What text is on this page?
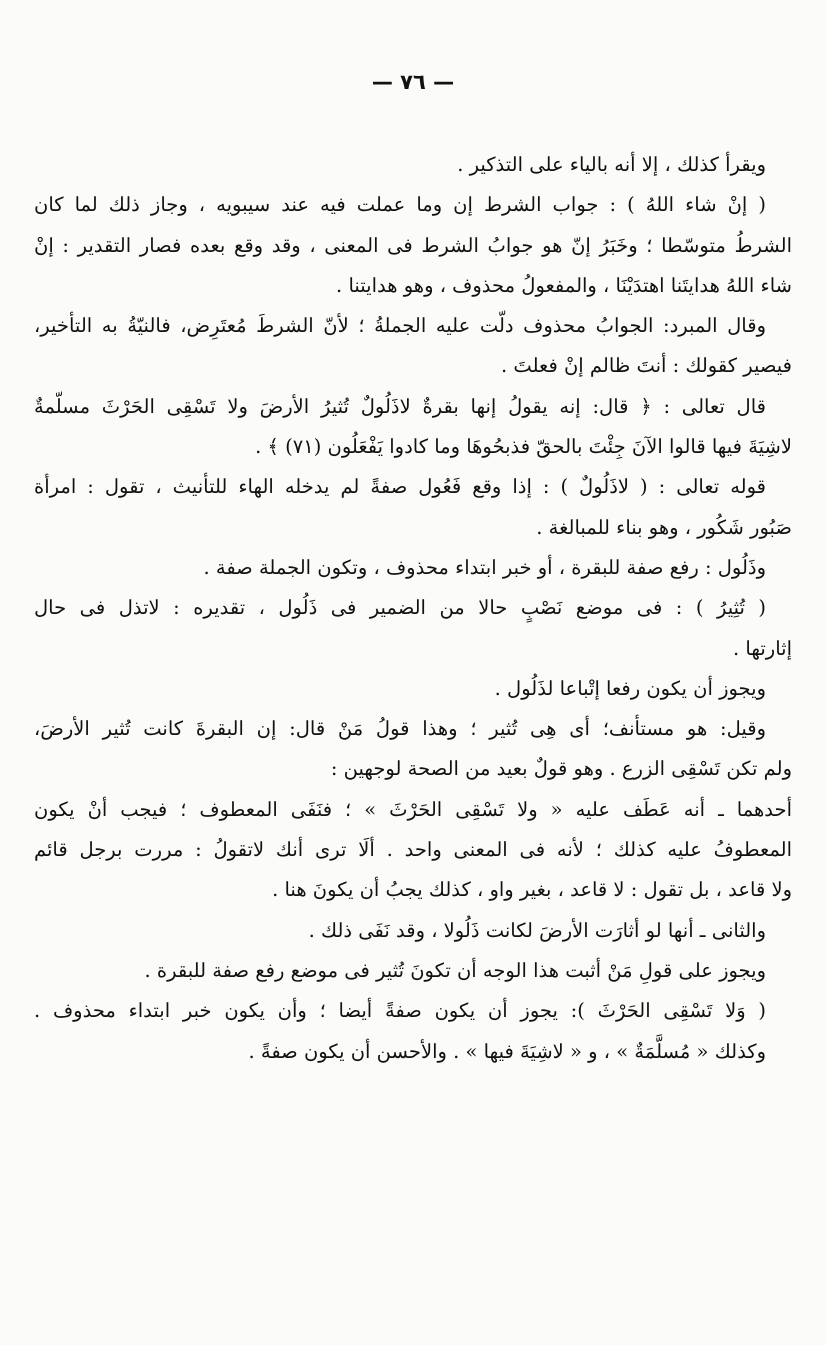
— ٧٦ —
ويقرأ كذلك ، إلا أنه بالياء على التذكير .
( إنْ شاء اللهُ ) : جواب الشرط إن وما عملت فيه عند سيبويه ، وجاز ذلك لما كان
الشرطُ متوسّطا ؛ وخَبَرُ إنّ هو جوابُ الشرط فى المعنى ، وقد وقع بعده فصار التقدير : إنْ
شاء اللهُ هدايتَنا اهتدَيْنَا ، والمفعولُ محذوف ، وهو هدايتنا .
وقال المبرد: الجوابُ محذوف دلّت عليه الجملةُ ؛ لأنّ الشرطَ مُعتَرِض، فالنيّةُ به التأخير،
فيصير كقولك : أنتَ ظالم إنْ فعلتَ .
قال تعالى : ﴿ قال: إنه يقولُ إنها بقرةٌ لاذَلُولٌ تُثيرُ الأرضَ ولا تَسْقِى الحَرْثَ مسلّمةٌ
لاشِيَةَ فيها قالوا الآنَ جِئْتَ بالحقّ فذبحُوهَا وما كادوا يَفْعَلُون (٧١) ﴾ .
قوله تعالى : ( لاذَلُولٌ ) : إذا وقع فَعُول صفةً لم يدخله الهاء للتأنيث ، تقول : امرأة
صَبُور شَكُور ، وهو بناء للمبالغة .
وذَلُول : رفع صفة للبقرة ، أو خبر ابتداء محذوف ، وتكون الجملة صفة .
( تُثِيرُ ) : فى موضع نَصْبٍ حالا من الضمير فى ذَلُول ، تقديره : لاتذل فى حال
إثارتها .
ويجوز أن يكون رفعا إتْباعا لذَلُول .
وقيل: هو مستأنف؛ أى هِى تُثير ؛ وهذا قولُ مَنْ قال: إن البقرةَ كانت تُثير الأرضَ،
ولم تكن تَسْقِى الزرع . وهو قولٌ بعيد من الصحة لوجهين :
أحدهما ـ أنه عَطَف عليه « ولا تَسْقِى الحَرْثَ » ؛ فنَفَى المعطوف ؛ فيجب أنْ يكون
المعطوفُ عليه كذلك ؛ لأنه فى المعنى واحد . ألَا ترى أنك لاتقولُ : مررت برجل قائم
ولا قاعد ، بل تقول : لا قاعد ، بغير واو ، كذلك يجبُ أن يكونَ هنا .
والثانى ـ أنها لو أثارَت الأرضَ لكانت ذَلُولا ، وقد نَفَى ذلك .
ويجوز على قولِ مَنْ أثبت هذا الوجه أن تكونَ تُثير فى موضع رفع صفة للبقرة .
( وَلا تَسْقِى الحَرْثَ ): يجوز أن يكون صفةً أيضا ؛ وأن يكون خبر ابتداء محذوف .
وكذلك « مُسلَّمَةٌ » ، و « لاشِيَةَ فيها » . والأحسن أن يكون صفةً .
